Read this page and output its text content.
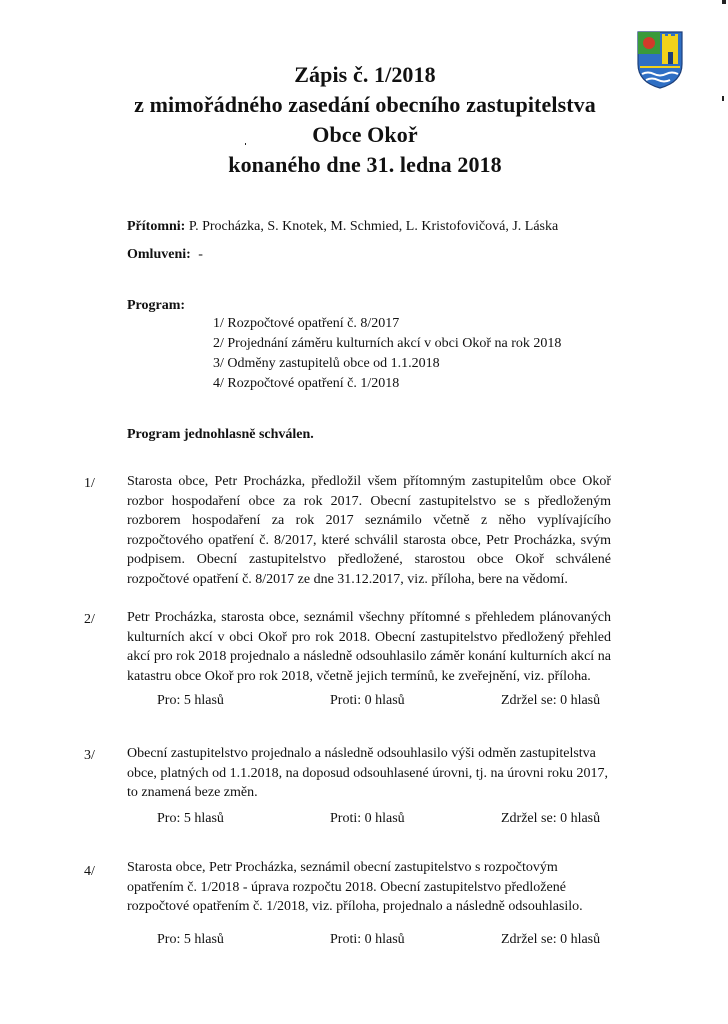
Zápis č. 1/2018
z mimořádného zasedání obecního zastupitelstva
Obce Okoř
konaného dne 31. ledna 2018
Přítomni: P. Procházka, S. Knotek, M. Schmied, L. Kristofovičová, J. Láska
Omluveni: -
Program:
1/ Rozpočtové opatření č. 8/2017
2/ Projednání záměru kulturních akcí v obci Okoř na rok 2018
3/ Odměny zastupitelů obce od 1.1.2018
4/ Rozpočtové opatření č. 1/2018
Program jednohlasně schválen.
1/ Starosta obce, Petr Procházka, předložil všem přítomným zastupitelům obce Okoř rozbor hospodaření obce za rok 2017. Obecní zastupitelstvo se s předloženým rozborem hospodaření za rok 2017 seznámilo včetně z něho vyplívajícího rozpočtového opatření č. 8/2017, které schválil starosta obce, Petr Procházka, svým podpisem. Obecní zastupitelstvo předložené, starostou obce Okoř schválené rozpočtové opatření č. 8/2017 ze dne 31.12.2017, viz. příloha, bere na vědomí.
2/ Petr Procházka, starosta obce, seznámil všechny přítomné s přehledem plánovaných kulturních akcí v obci Okoř pro rok 2018. Obecní zastupitelstvo předložený přehled akcí pro rok 2018 projednalo a následně odsouhlasilo záměr konání kulturních akcí na katastru obce Okoř pro rok 2018, včetně jejich termínů, ke zveřejnění, viz. příloha.
Pro: 5 hlasů	Proti: 0 hlasů	Zdržel se: 0 hlasů
3/ Obecní zastupitelstvo projednalo a následně odsouhlasilo výši odměn zastupitelstva
obce, platných od 1.1.2018, na doposud odsouhlasené úrovni, tj. na úrovni roku 2017,
to znamená beze změn.
Pro: 5 hlasů	Proti: 0 hlasů	Zdržel se: 0 hlasů
4/ Starosta obce, Petr Procházka, seznámil obecní zastupitelstvo s rozpočtovým
opatřením č. 1/2018 - úprava rozpočtu 2018. Obecní zastupitelstvo předložené
rozpočtové opatřením č. 1/2018, viz. příloha, projednalo a následně odsouhlasilo.
Pro: 5 hlasů	Proti: 0 hlasů	Zdržel se: 0 hlasů
